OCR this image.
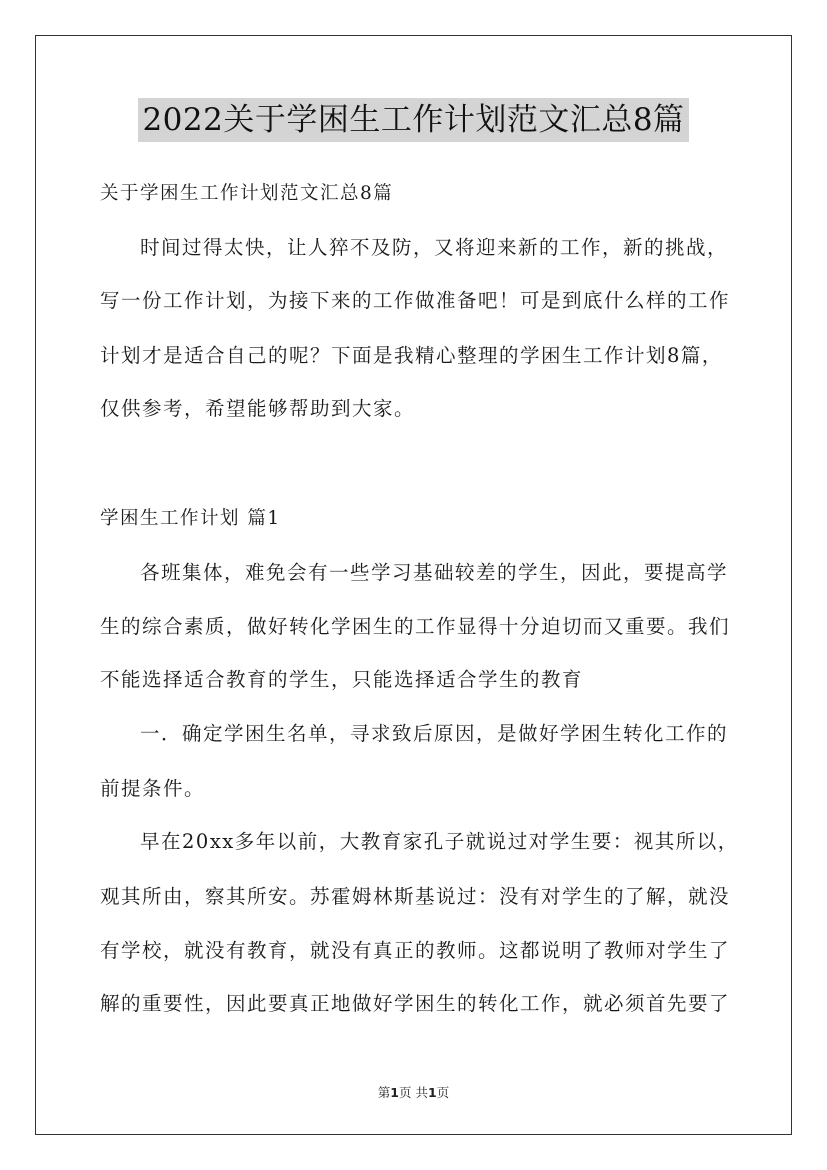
2022关于学困生工作计划范文汇总8篇
关于学困生工作计划范文汇总8篇
时间过得太快，让人猝不及防，又将迎来新的工作，新的挑战，
写一份工作计划，为接下来的工作做准备吧！可是到底什么样的工作
计划才是适合自己的呢？下面是我精心整理的学困生工作计划8篇，
仅供参考，希望能够帮助到大家。
学困生工作计划 篇1
各班集体，难免会有一些学习基础较差的学生，因此，要提高学
生的综合素质，做好转化学困生的工作显得十分迫切而又重要。我们
不能选择适合教育的学生，只能选择适合学生的教育
一．确定学困生名单，寻求致后原因，是做好学困生转化工作的
前提条件。
早在20xx多年以前，大教育家孔子就说过对学生要：视其所以，
观其所由，察其所安。苏霍姆林斯基说过：没有对学生的了解，就没
有学校，就没有教育，就没有真正的教师。这都说明了教师对学生了
解的重要性，因此要真正地做好学困生的转化工作，就必须首先要了
第1页 共1页
